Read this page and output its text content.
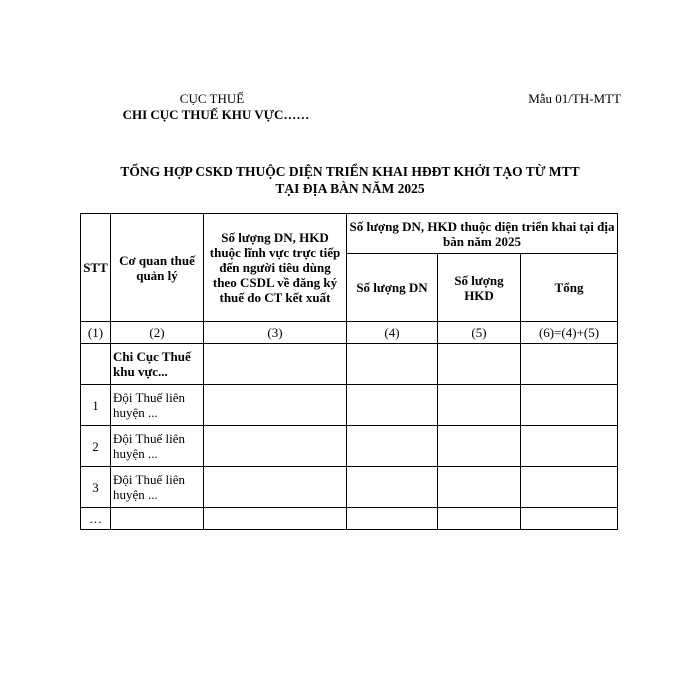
CỤC THUẾ
CHI CỤC THUẾ KHU VỰC……
Mẫu 01/TH-MTT
TỔNG HỢP CSKD THUỘC DIỆN TRIỂN KHAI HĐĐT KHỞI TẠO TỪ MTT
TẠI ĐỊA BÀN NĂM 2025
STT	Cơ quan thuế quản lý	Số lượng DN, HKD thuộc lĩnh vực trực tiếp đến người tiêu dùng theo CSDL về đăng ký thuế do CT kết xuất	Số lượng DN, HKD thuộc diện triển khai tại địa bàn năm 2025		
			Số lượng DN	Số lượng HKD	Tổng
(1)	(2)	(3)	(4)	(5)	(6)=(4)+(5)
	Chi Cục Thuế khu vực...				
1	Đội Thuế liên huyện ...				
2	Đội Thuế liên huyện ...				
3	Đội Thuế liên huyện ...				
…					
